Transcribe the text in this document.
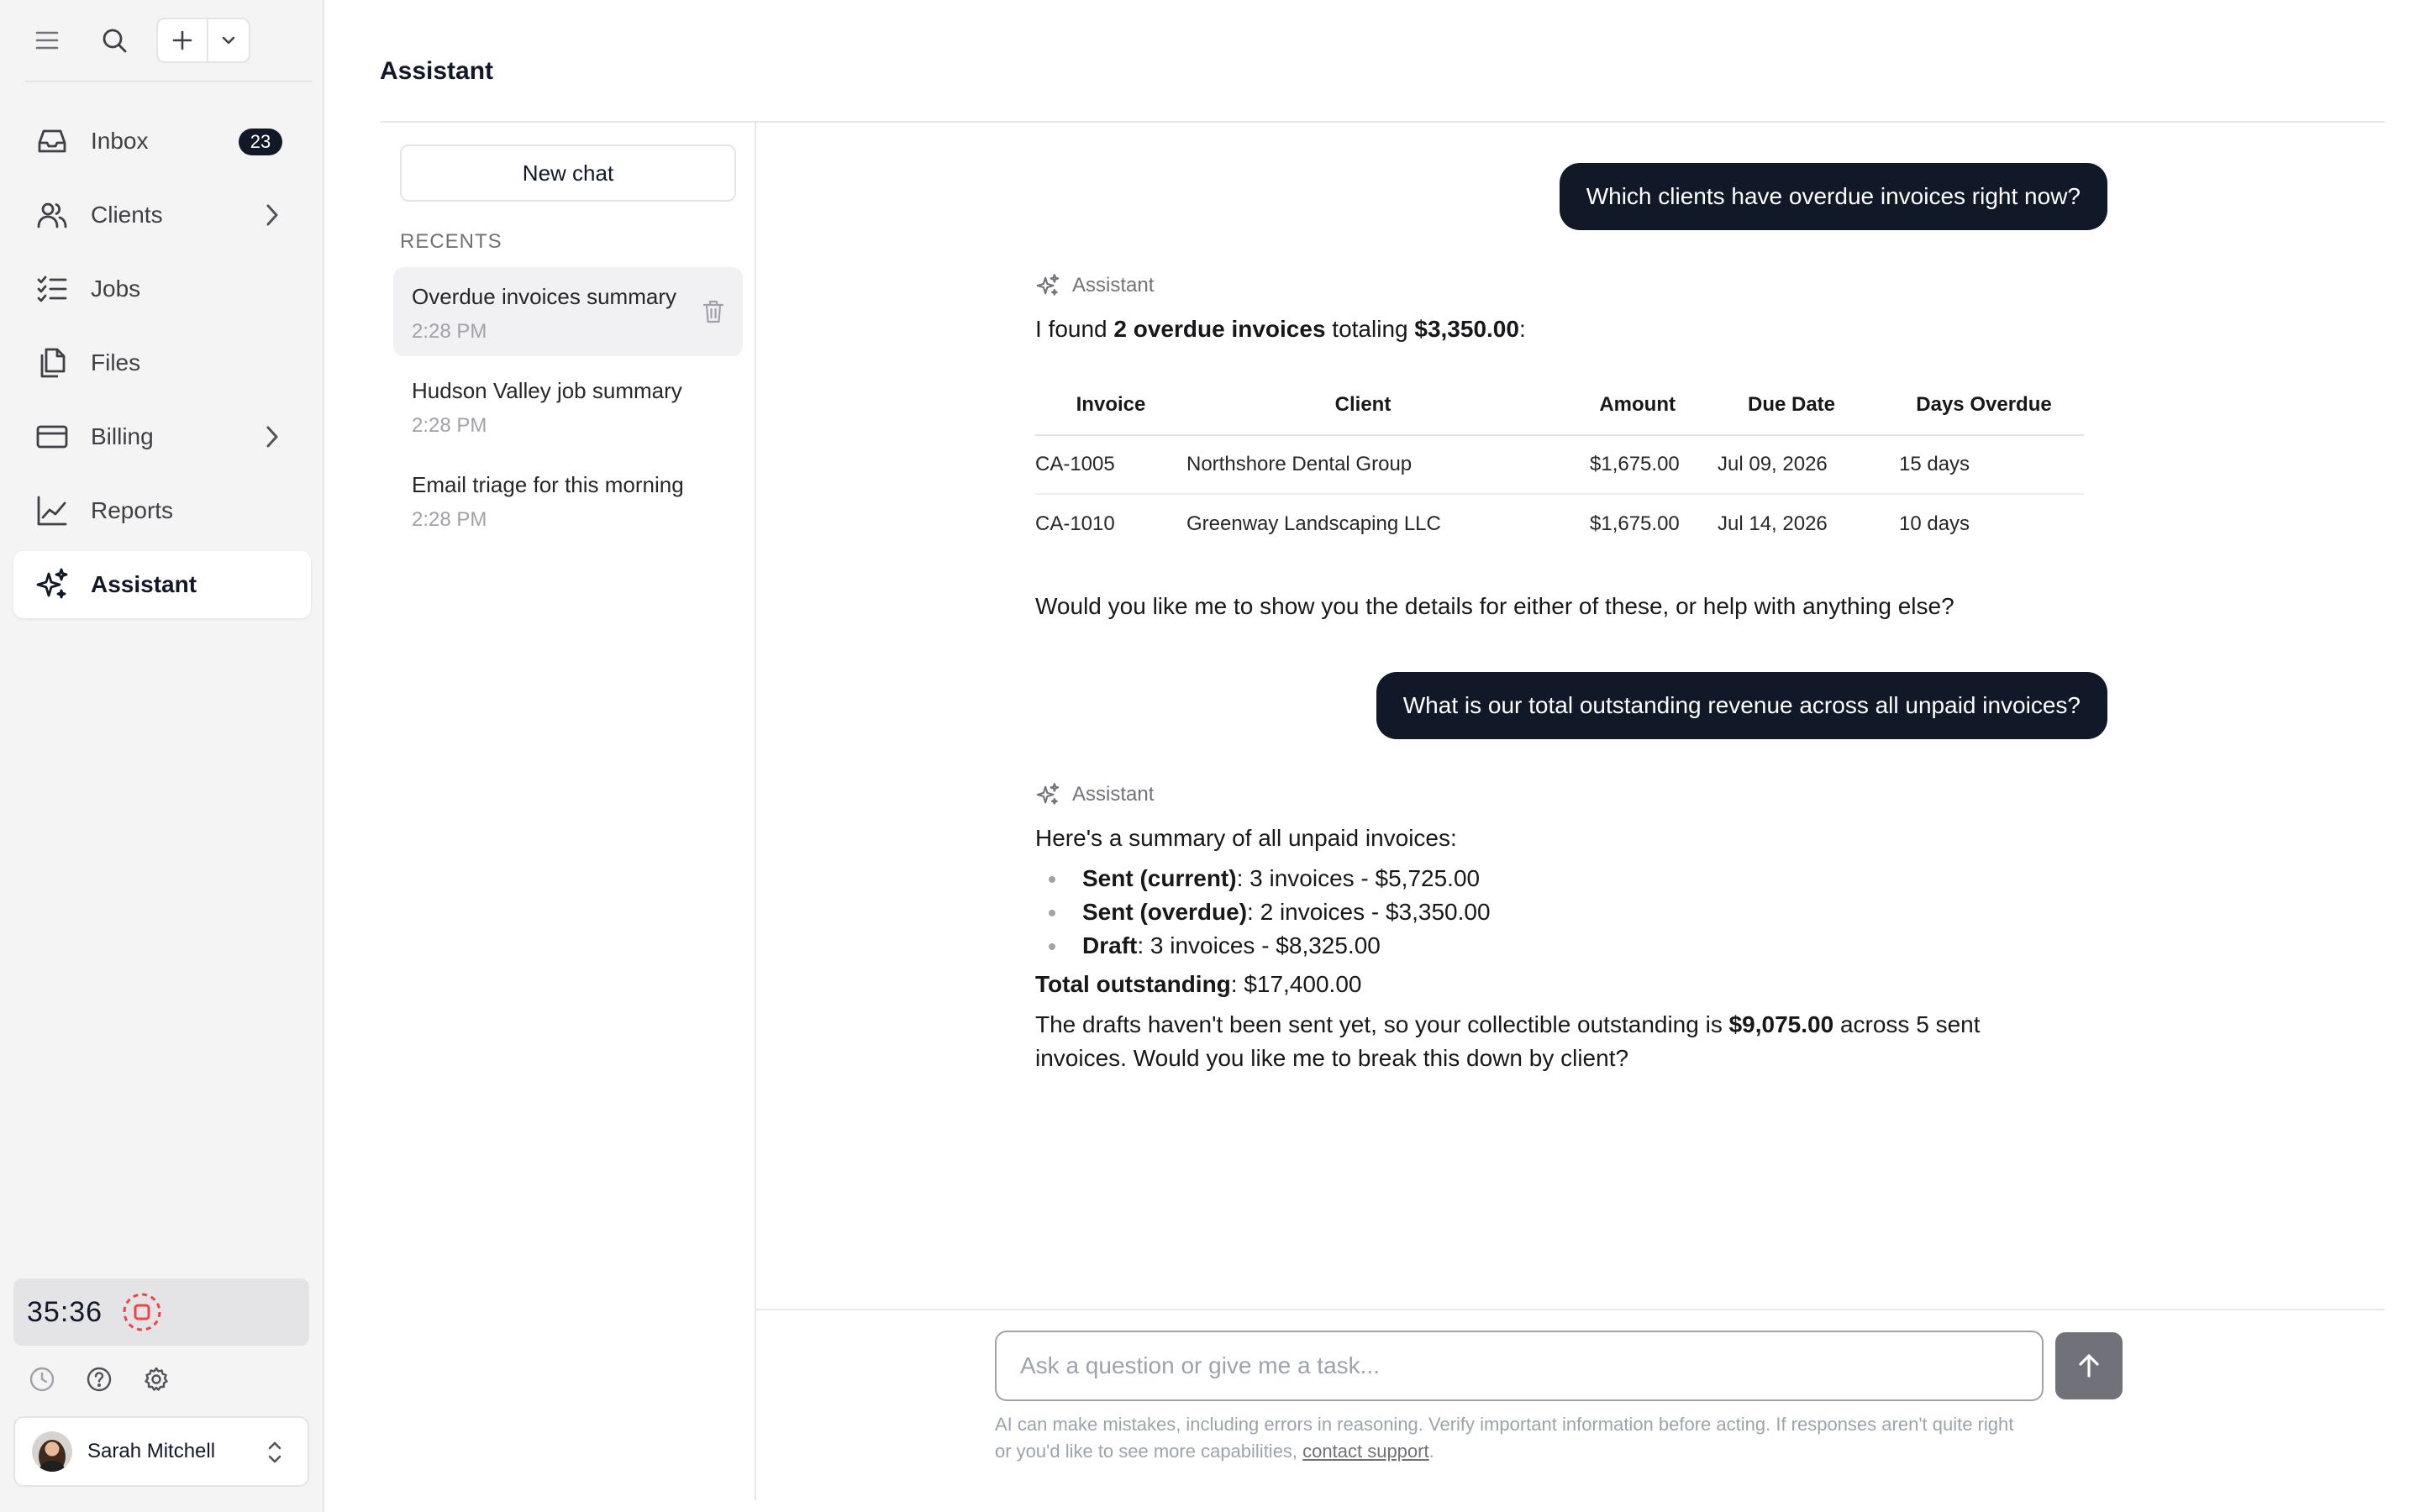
Inbox	23
Clients
Jobs
Files
Billing
Reports
Assistant
35:36
Sarah Mitchell
Assistant
New chat
RECENTS
Overdue invoices summary
2:28 PM
Hudson Valley job summary
2:28 PM
Email triage for this morning
2:28 PM
Which clients have overdue invoices right now?
Assistant
I found 2 overdue invoices totaling $3,350.00:
Invoice	Client	Amount	Due Date	Days Overdue
CA-1005	Northshore Dental Group	$1,675.00	Jul 09, 2026	15 days
CA-1010	Greenway Landscaping LLC	$1,675.00	Jul 14, 2026	10 days
Would you like me to show you the details for either of these, or help with anything else?
What is our total outstanding revenue across all unpaid invoices?
Assistant
Here's a summary of all unpaid invoices:
Sent (current): 3 invoices - $5,725.00
Sent (overdue): 2 invoices - $3,350.00
Draft: 3 invoices - $8,325.00
Total outstanding: $17,400.00
The drafts haven't been sent yet, so your collectible outstanding is $9,075.00 across 5 sent
invoices. Would you like me to break this down by client?
Ask a question or give me a task...
AI can make mistakes, including errors in reasoning. Verify important information before acting. If responses aren't quite right
or you'd like to see more capabilities, contact support.
